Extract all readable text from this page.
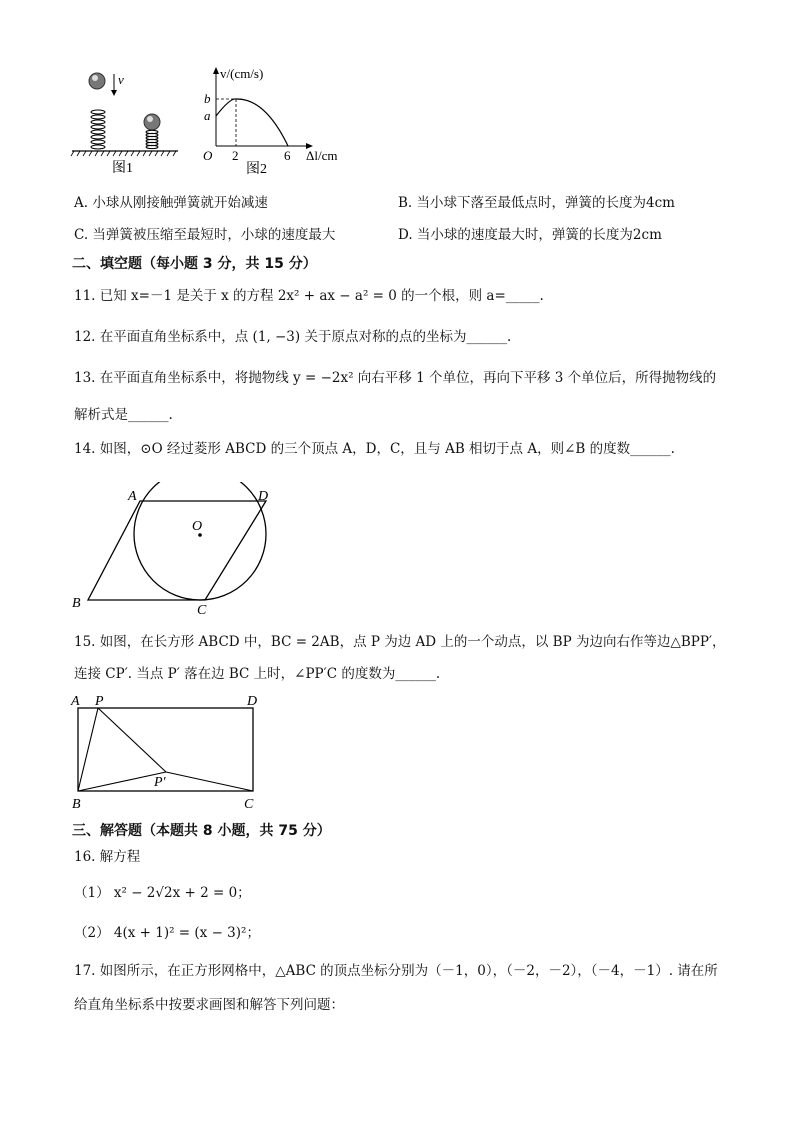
v
图1
v/(cm/s)
b
a
O 2	6 Δl/cm
图2
A. 小球从刚接触弹簧就开始减速	B. 当小球下落至最低点时，弹簧的长度为4cm
C. 当弹簧被压缩至最短时，小球的速度最大	D. 当小球的速度最大时，弹簧的长度为2cm
二、填空题（每小题 3 分，共 15 分）
11. 已知 x=－1 是关于 x 的方程 2x² + ax − a² = 0 的一个根，则 a=_____.
12. 在平面直角坐标系中，点 (1, −3) 关于原点对称的点的坐标为______.
13. 在平面直角坐标系中，将抛物线 y = −2x² 向右平移 1 个单位，再向下平移 3 个单位后，所得抛物线的
解析式是______.
14. 如图，⊙O 经过菱形 ABCD 的三个顶点 A，D，C，且与 AB 相切于点 A，则∠B 的度数______.
A	D
O
B	C
15. 如图，在长方形 ABCD 中，BC = 2AB，点 P 为边 AD 上的一个动点，以 BP 为边向右作等边△BPP′，
连接 CP′. 当点 P′ 落在边 BC 上时，∠PP′C 的度数为______.
A P	D
P′
B	C
三、解答题（本题共 8 小题，共 75 分）
16. 解方程
（1） x² − 2√2x + 2 = 0；
（2） 4(x + 1)² = (x − 3)²；
17. 如图所示，在正方形网格中，△ABC 的顶点坐标分别为（－1，0），（－2，－2），（－4，－1）. 请在所
给直角坐标系中按要求画图和解答下列问题：
